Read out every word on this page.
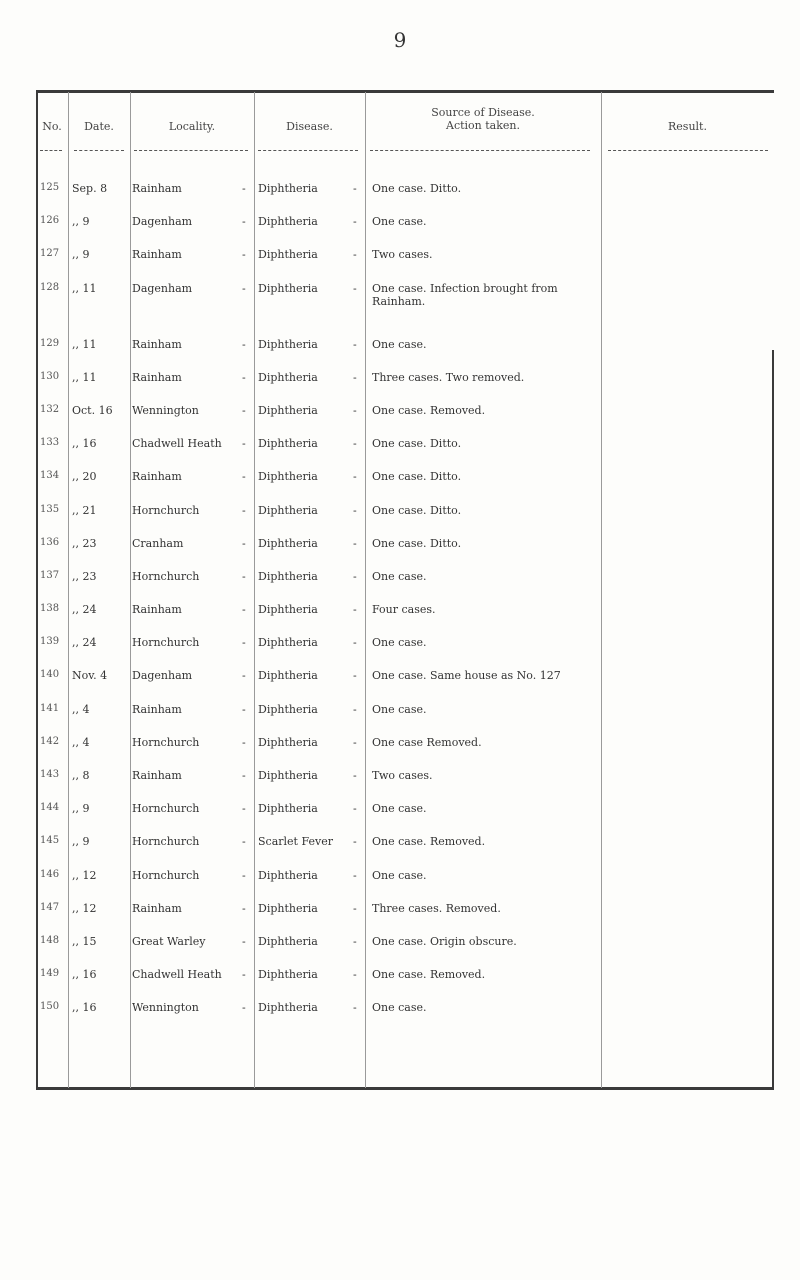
9
No.	Date.	Locality.	Disease.
Source of Disease.
Action taken.	Result.
125	Sep. 8	Rainham	- Diphtheria	- One case. Ditto.
126	,, 9	Dagenham	- Diphtheria	- One case.
127	,, 9	Rainham	- Diphtheria	- Two cases.
128	,, 11	Dagenham	- Diphtheria	- One case. Infection brought from Rainham.
129	,, 11	Rainham	- Diphtheria	- One case.
130	,, 11	Rainham	- Diphtheria	- Three cases. Two removed.
132	Oct. 16	Wennington	- Diphtheria	- One case. Removed.
133	,, 16	Chadwell Heath	- Diphtheria	- One case. Ditto.
134	,, 20	Rainham	- Diphtheria	- One case. Ditto.
135	,, 21	Hornchurch	- Diphtheria	- One case. Ditto.
136	,, 23	Cranham	- Diphtheria	- One case. Ditto.
137	,, 23	Hornchurch	- Diphtheria	- One case.
138	,, 24	Rainham	- Diphtheria	- Four cases.
139	,, 24	Hornchurch	- Diphtheria	- One case.
140	Nov. 4	Dagenham	- Diphtheria	- One case. Same house as No. 127
141	,, 4	Rainham	- Diphtheria	- One case.
142	,, 4	Hornchurch	- Diphtheria	- One case Removed.
143	,, 8	Rainham	- Diphtheria	- Two cases.
144	,, 9	Hornchurch	- Diphtheria	- One case.
145	,, 9	Hornchurch	- Scarlet Fever	- One case. Removed.
146	,, 12	Hornchurch	- Diphtheria	- One case.
147	,, 12	Rainham	- Diphtheria	- Three cases. Removed.
148	,, 15	Great Warley	- Diphtheria	- One case. Origin obscure.
149	,, 16	Chadwell Heath	- Diphtheria	- One case. Removed.
150	,, 16	Wennington	- Diphtheria	- One case.
